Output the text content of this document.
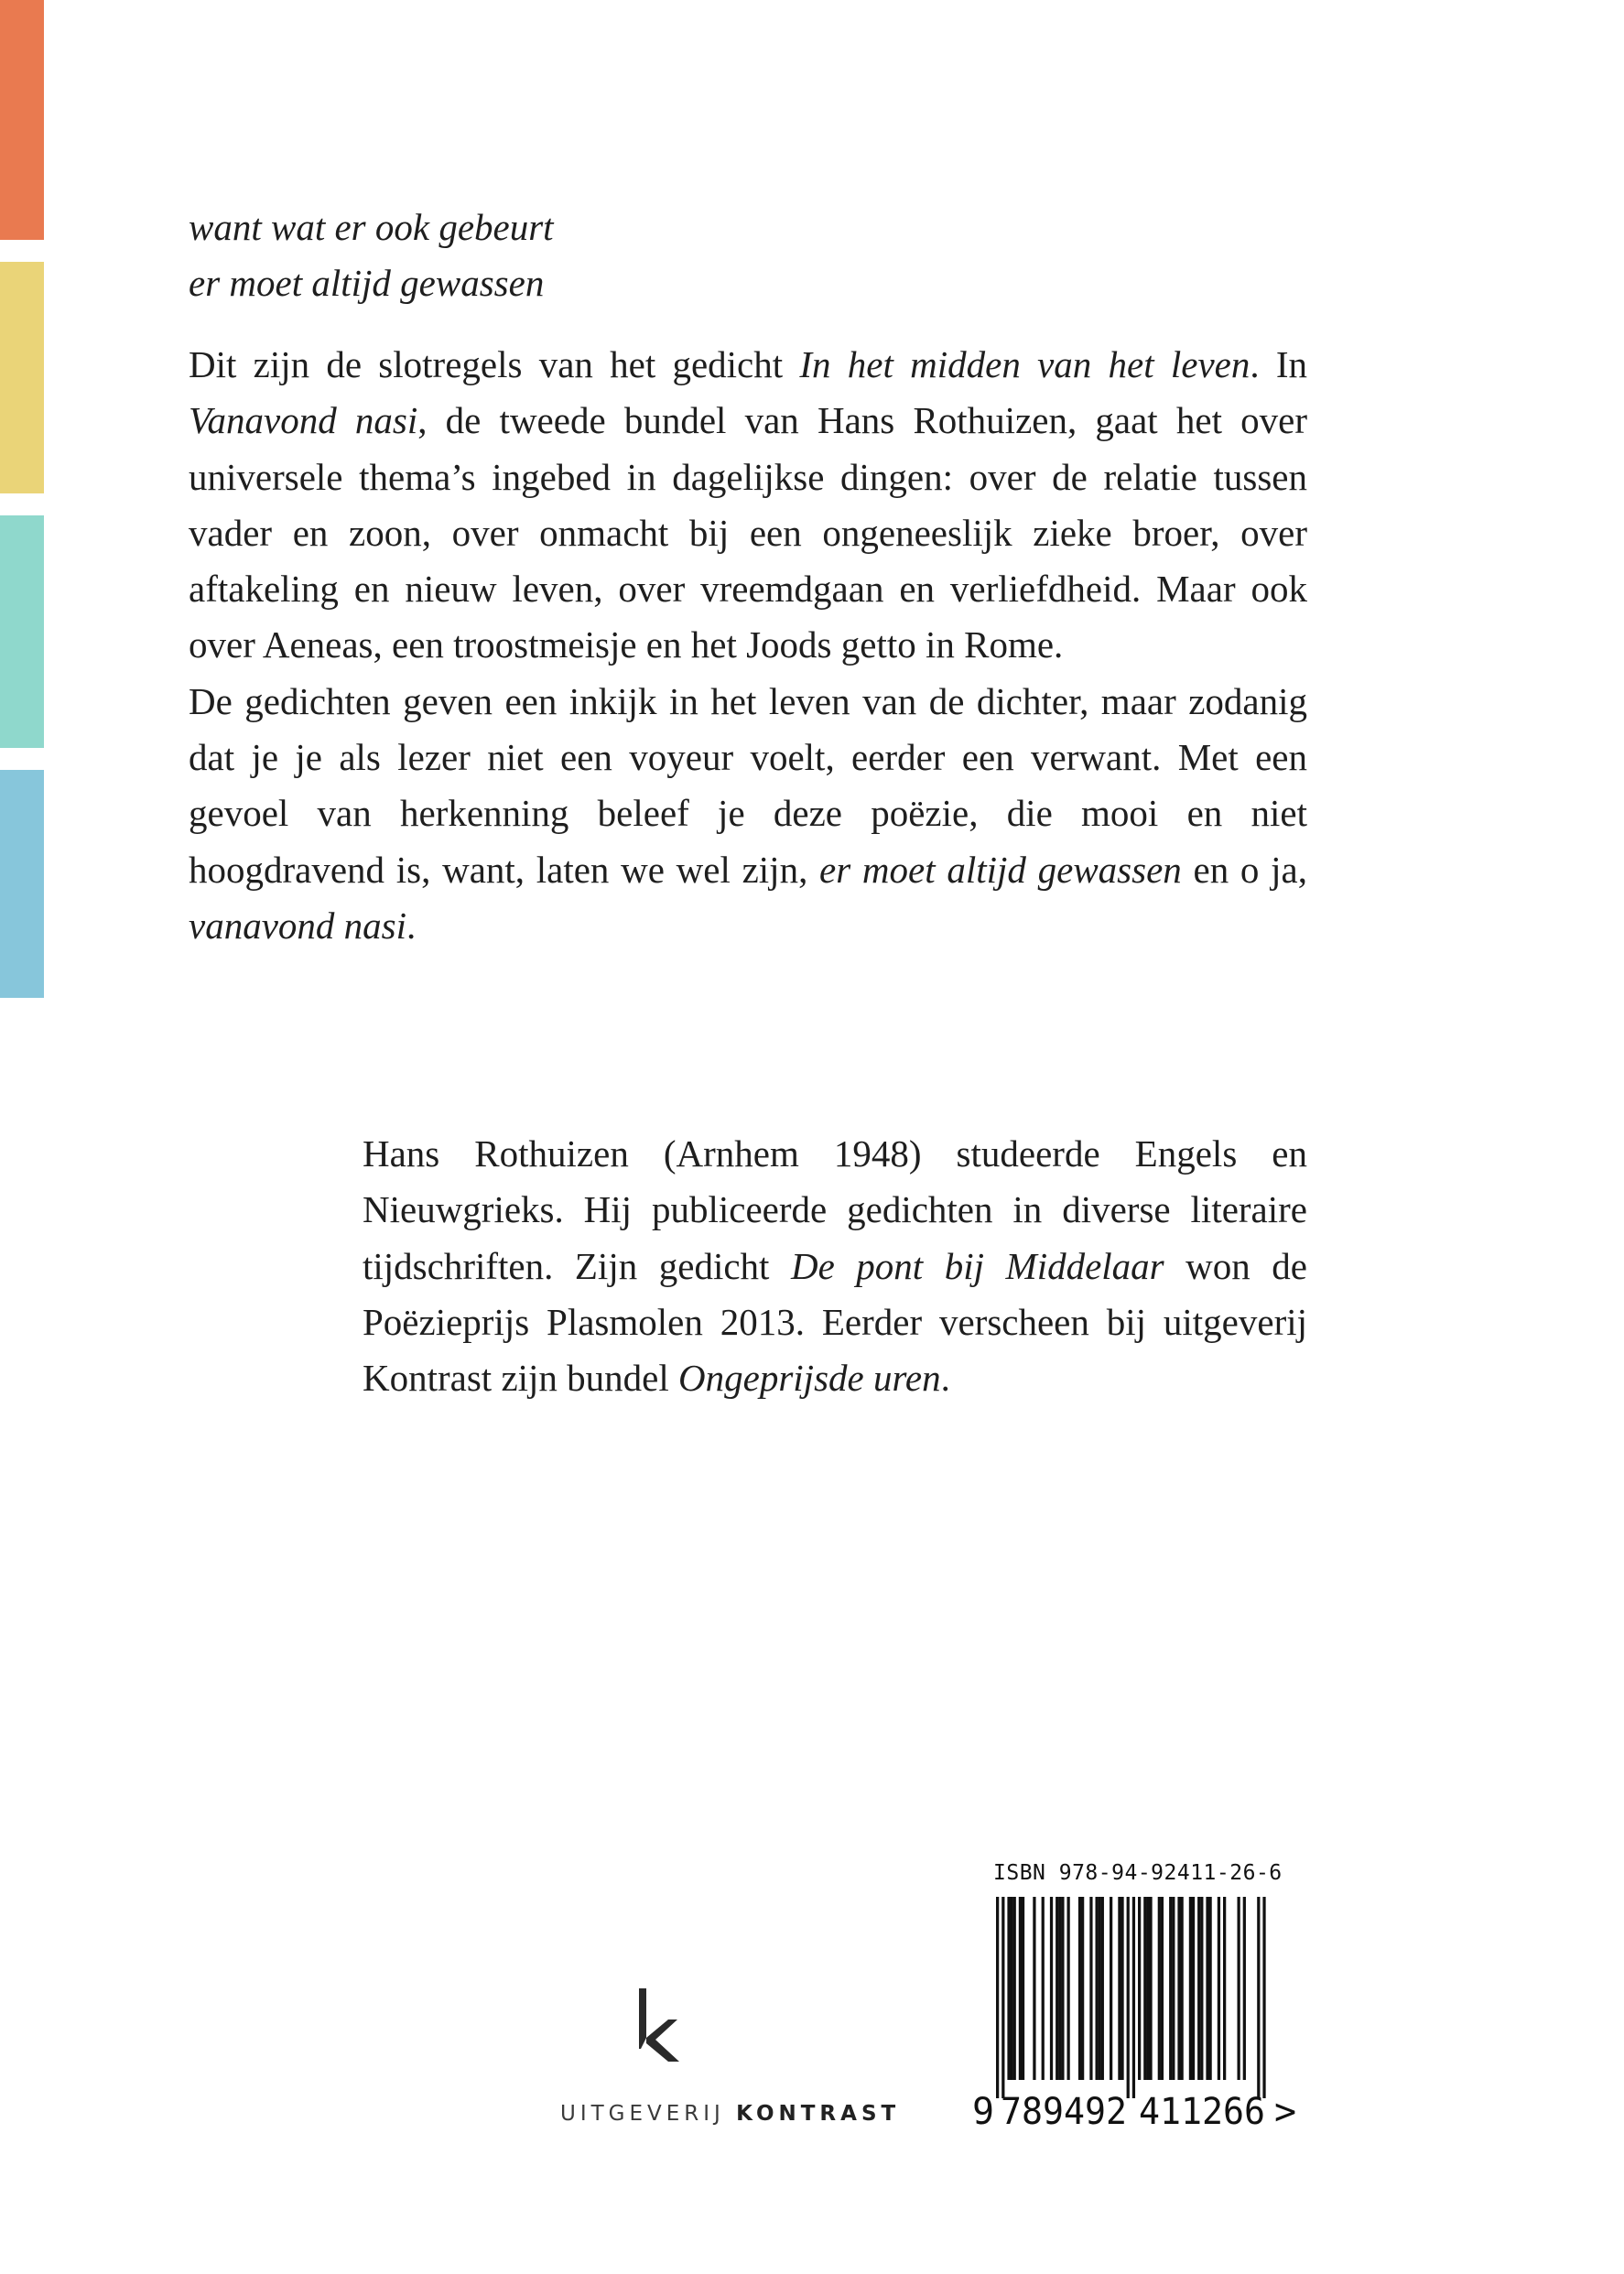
want wat er ook gebeurt
er moet altijd gewassen

Dit zijn de slotregels van het gedicht In het midden van het leven. In Vanavond nasi, de tweede bundel van Hans Rothuizen, gaat het over universele thema’s ingebed in dagelijkse dingen: over de relatie tussen vader en zoon, over onmacht bij een ongeneeslijk zieke broer, over aftakeling en nieuw leven, over vreemdgaan en verliefdheid. Maar ook over Aeneas, een troostmeisje en het Joods getto in Rome.

De gedichten geven een inkijk in het leven van de dichter, maar zodanig dat je je als lezer niet een voyeur voelt, eerder een verwant. Met een gevoel van herkenning beleef je deze poëzie, die mooi en niet hoogdravend is, want, laten we wel zijn, er moet altijd gewassen en o ja, vanavond nasi.

Hans Rothuizen (Arnhem 1948) studeerde Engels en Nieuwgrieks. Hij publiceerde gedichten in diverse literaire tijdschriften. Zijn gedicht De pont bij Middelaar won de Poëzieprijs Plasmolen 2013. Eerder verscheen bij uitgeverij Kontrast zijn bundel Ongeprijsde uren.

UITGEVERIJ KONTRAST
ISBN 978-94-92411-26-6
9 789492 411266 >
